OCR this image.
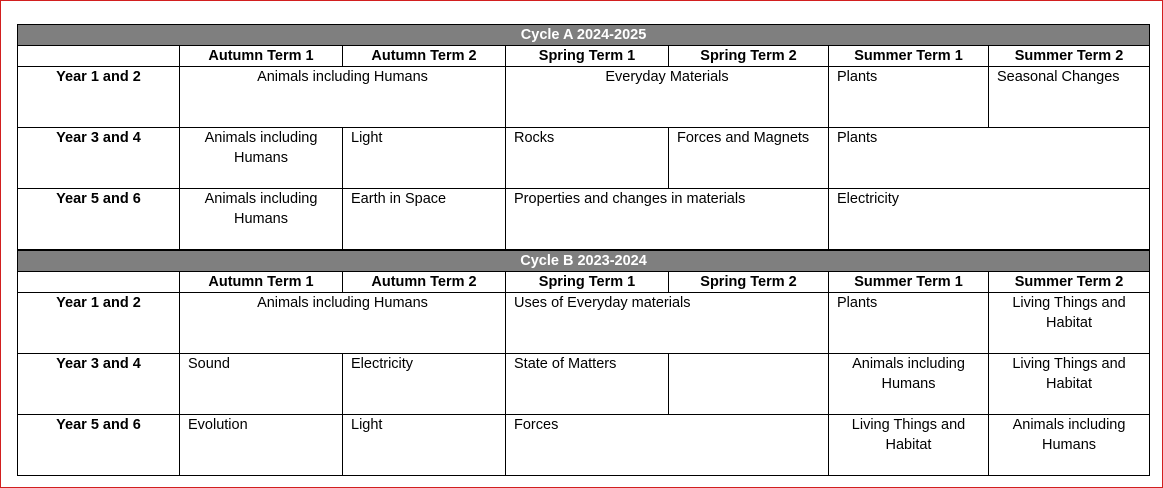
Cycle A 2024-2025						
	Autumn Term 1	Autumn Term 2	Spring Term 1	Spring Term 2	Summer Term 1	Summer Term 2
Year 1 and 2	Animals including Humans		Everyday Materials		Plants	Seasonal Changes
Year 3 and 4	Animals including Humans	Light	Rocks	Forces and Magnets	Plants	
Year 5 and 6	Animals including Humans	Earth in Space	Properties and changes in materials		Electricity	
Cycle B 2023-2024						
	Autumn Term 1	Autumn Term 2	Spring Term 1	Spring Term 2	Summer Term 1	Summer Term 2
Year 1 and 2	Animals including Humans		Uses of Everyday materials		Plants	Living Things and Habitat
Year 3 and 4	Sound	Electricity	State of Matters		Animals including Humans	Living Things and Habitat
Year 5 and 6	Evolution	Light	Forces		Living Things and Habitat	Animals including Humans
